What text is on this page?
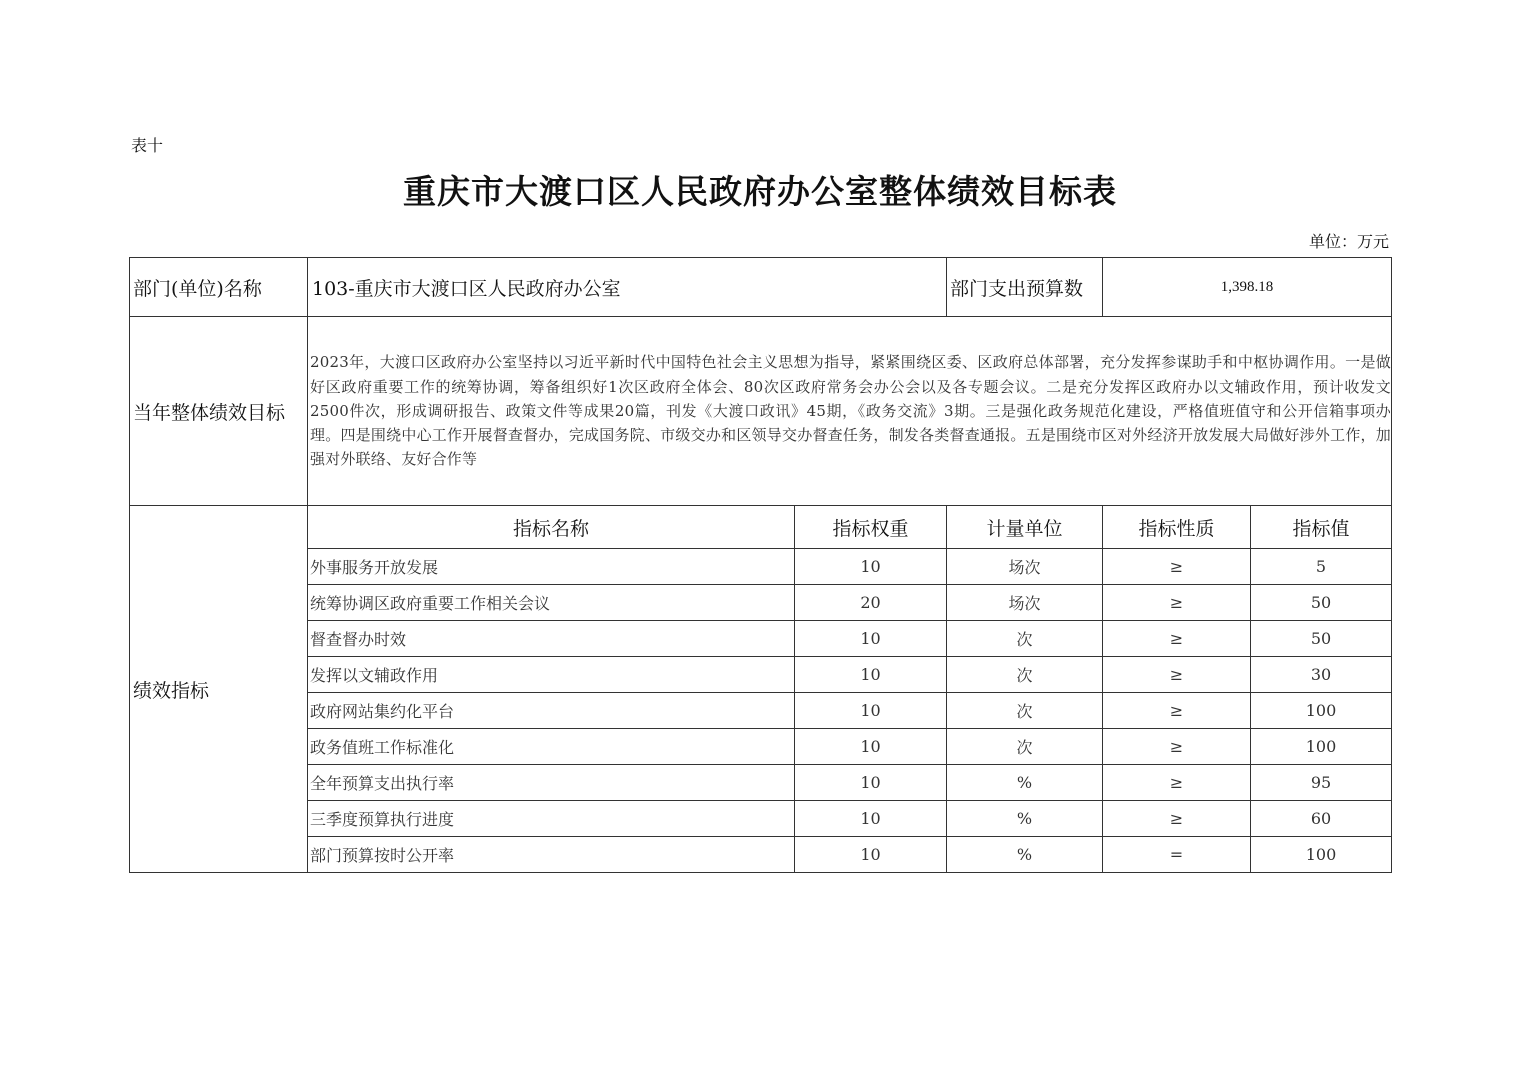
表十
重庆市大渡口区人民政府办公室整体绩效目标表
单位：万元
部门(单位)名称	103-重庆市大渡口区人民政府办公室		部门支出预算数	1,398.18	
当年整体绩效目标	2023年，大渡口区政府办公室坚持以习近平新时代中国特色社会主义思想为指导，紧紧围绕区委、区政府总体部署，充分发挥参谋助手和中枢协调作用。一是做好区政府重要工作的统筹协调，筹备组织好1次区政府全体会、80次区政府常务会办公会以及各专题会议。二是充分发挥区政府办以文辅政作用，预计收发文2500件次，形成调研报告、政策文件等成果20篇，刊发《大渡口政讯》45期，《政务交流》3期。三是强化政务规范化建设，严格值班值守和公开信箱事项办理。四是围绕中心工作开展督查督办，完成国务院、市级交办和区领导交办督查任务，制发各类督查通报。五是围绕市区对外经济开放发展大局做好涉外工作，加强对外联络、友好合作等				
绩效指标	指标名称	指标权重	计量单位	指标性质	指标值
	外事服务开放发展	10	场次	≥	5
	统筹协调区政府重要工作相关会议	20	场次	≥	50
	督查督办时效	10	次	≥	50
	发挥以文辅政作用	10	次	≥	30
	政府网站集约化平台	10	次	≥	100
	政务值班工作标准化	10	次	≥	100
	全年预算支出执行率	10	%	≥	95
	三季度预算执行进度	10	%	≥	60
	部门预算按时公开率	10	%	=	100
